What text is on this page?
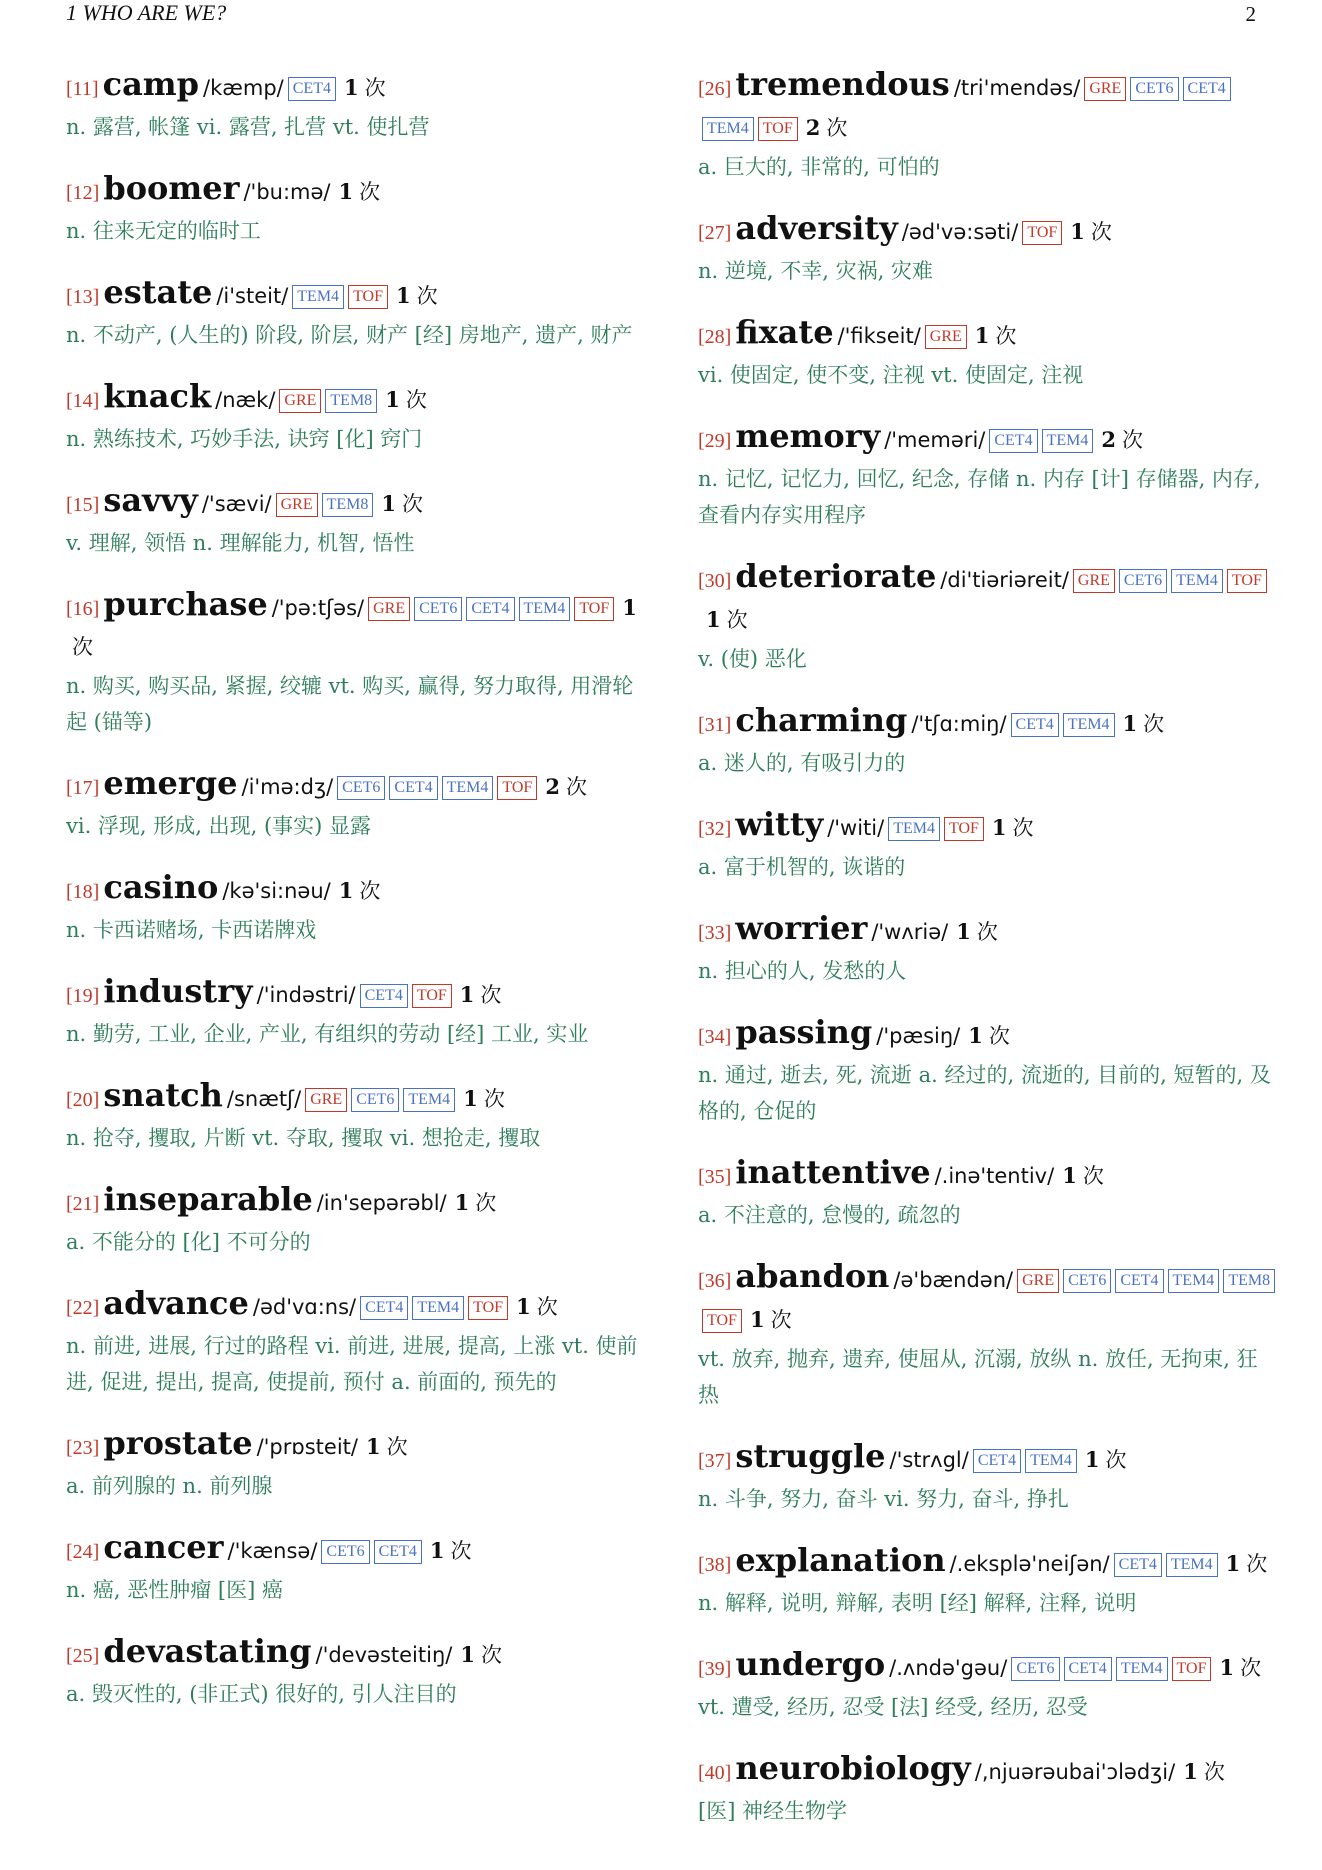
1 WHO ARE WE?	2
[11] camp /kæmp/ CET4 1 次
n. 露营, 帐篷 vi. 露营, 扎营 vt. 使扎营
[12] boomer /'bu:mə/ 1 次
n. 往来无定的临时工
[13] estate /i'steit/ TEM4 TOF 1 次
n. 不动产, (人生的) 阶段, 阶层, 财产 [经] 房地产, 遗产, 财产
[14] knack /næk/ GRE TEM8 1 次
n. 熟练技术, 巧妙手法, 诀窍 [化] 窍门
[15] savvy /'sævi/ GRE TEM8 1 次
v. 理解, 领悟 n. 理解能力, 机智, 悟性
[16] purchase /'pə:tʃəs/ GRE CET6 CET4 TEM4 TOF 1次
n. 购买, 购买品, 紧握, 绞辘 vt. 购买, 赢得, 努力取得, 用滑轮起 (锚等)
[17] emerge /i'mə:dʒ/ CET6 CET4 TEM4 TOF 2 次
vi. 浮现, 形成, 出现, (事实) 显露
[18] casino /kə'si:nəu/ 1 次
n. 卡西诺赌场, 卡西诺牌戏
[19] industry /'indəstri/ CET4 TOF 1 次
n. 勤劳, 工业, 企业, 产业, 有组织的劳动 [经] 工业, 实业
[20] snatch /snætʃ/ GRE CET6 TEM4 1 次
n. 抢夺, 攫取, 片断 vt. 夺取, 攫取 vi. 想抢走, 攫取
[21] inseparable /in'sepərəbl/ 1 次
a. 不能分的 [化] 不可分的
[22] advance /əd'vɑ:ns/ CET4 TEM4 TOF 1 次
n. 前进, 进展, 行过的路程 vi. 前进, 进展, 提高, 上涨 vt. 使前进, 促进, 提出, 提高, 使提前, 预付 a. 前面的, 预先的
[23] prostate /'prɒsteit/ 1 次
a. 前列腺的 n. 前列腺
[24] cancer /'kænsə/ CET6 CET4 1 次
n. 癌, 恶性肿瘤 [医] 癌
[25] devastating /'devəsteitiŋ/ 1 次
a. 毁灭性的, (非正式) 很好的, 引人注目的
[26] tremendous /tri'mendəs/ GRE CET6 CET4TEM4 TOF 2 次
a. 巨大的, 非常的, 可怕的
[27] adversity /əd'və:səti/ TOF 1 次
n. 逆境, 不幸, 灾祸, 灾难
[28] fixate /'fikseit/ GRE 1 次
vi. 使固定, 使不变, 注视 vt. 使固定, 注视
[29] memory /'meməri/ CET4 TEM4 2 次
n. 记忆, 记忆力, 回忆, 纪念, 存储 n. 内存 [计] 存储器, 内存, 查看内存实用程序
[30] deteriorate /di'tiəriəreit/ GRE CET6 TEM4 TOF1 次
v. (使) 恶化
[31] charming /'tʃɑ:miŋ/ CET4 TEM4 1 次
a. 迷人的, 有吸引力的
[32] witty /'witi/ TEM4 TOF 1 次
a. 富于机智的, 诙谐的
[33] worrier /'wʌriə/ 1 次
n. 担心的人, 发愁的人
[34] passing /'pæsiŋ/ 1 次
n. 通过, 逝去, 死, 流逝 a. 经过的, 流逝的, 目前的, 短暂的, 及格的, 仓促的
[35] inattentive /.inə'tentiv/ 1 次
a. 不注意的, 怠慢的, 疏忽的
[36] abandon /ə'bændən/ GRE CET6 CET4 TEM4 TEM8TOF 1 次
vt. 放弃, 抛弃, 遗弃, 使屈从, 沉溺, 放纵 n. 放任, 无拘束, 狂热
[37] struggle /'strʌgl/ CET4 TEM4 1 次
n. 斗争, 努力, 奋斗 vi. 努力, 奋斗, 挣扎
[38] explanation /.eksplə'neiʃən/ CET4 TEM4 1 次
n. 解释, 说明, 辩解, 表明 [经] 解释, 注释, 说明
[39] undergo /.ʌndə'gəu/ CET6 CET4 TEM4 TOF 1 次
vt. 遭受, 经历, 忍受 [法] 经受, 经历, 忍受
[40] neurobiology /,njuərəubai'ɔlədʒi/ 1 次
[医] 神经生物学
